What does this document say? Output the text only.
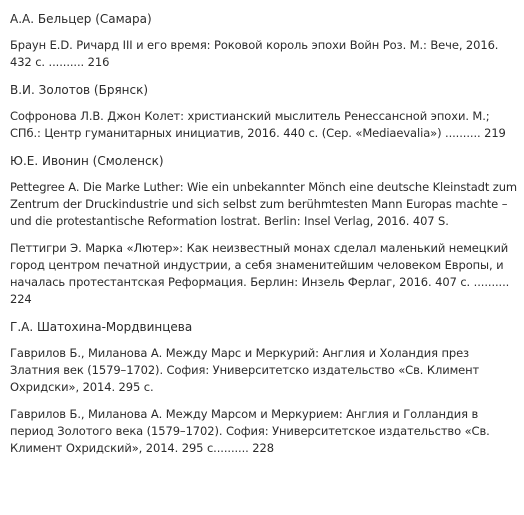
А.А. Бельцер (Самара)

Браун E.D. Ричард III и его время: Роковой король эпохи Войн Роз. М.: Вече, 2016. 432 с. .......... 216

В.И. Золотов (Брянск)

Софронова Л.В. Джон Колет: христианский мыслитель Ренессансной эпохи. М.; СПб.: Центр гуманитарных инициатив, 2016. 440 с. (Сер. «Mediaevalia») .......... 219

Ю.Е. Ивонин (Смоленск)

Pettegree A. Die Marke Luther: Wie ein unbekannter Mönch eine deutsche Kleinstadt zum Zentrum der Druckindustrie und sich selbst zum berühmtesten Mann Europas machte – und die protestantische Reformation lostrat. Berlin: Insel Verlag, 2016. 407 S.

Петтигри Э. Марка «Лютер»: Как неизвестный монах сделал маленький немецкий город центром печатной индустрии, а себя знаменитейшим человеком Европы, и началась протестантская Реформация. Берлин: Инзель Ферлаг, 2016. 407 с. .......... 224

Г.А. Шатохина-Мордвинцева

Гаврилов Б., Миланова А. Между Марс и Меркурий: Англия и Холандия през Златния век (1579–1702). София: Университетско издательство «Св. Климент Охридски», 2014. 295 с.

Гаврилов Б., Миланова А. Между Марсом и Меркурием: Англия и Голландия в период Золотого века (1579–1702). София: Университетское издательство «Св. Климент Охридский», 2014. 295 с.......... 228
